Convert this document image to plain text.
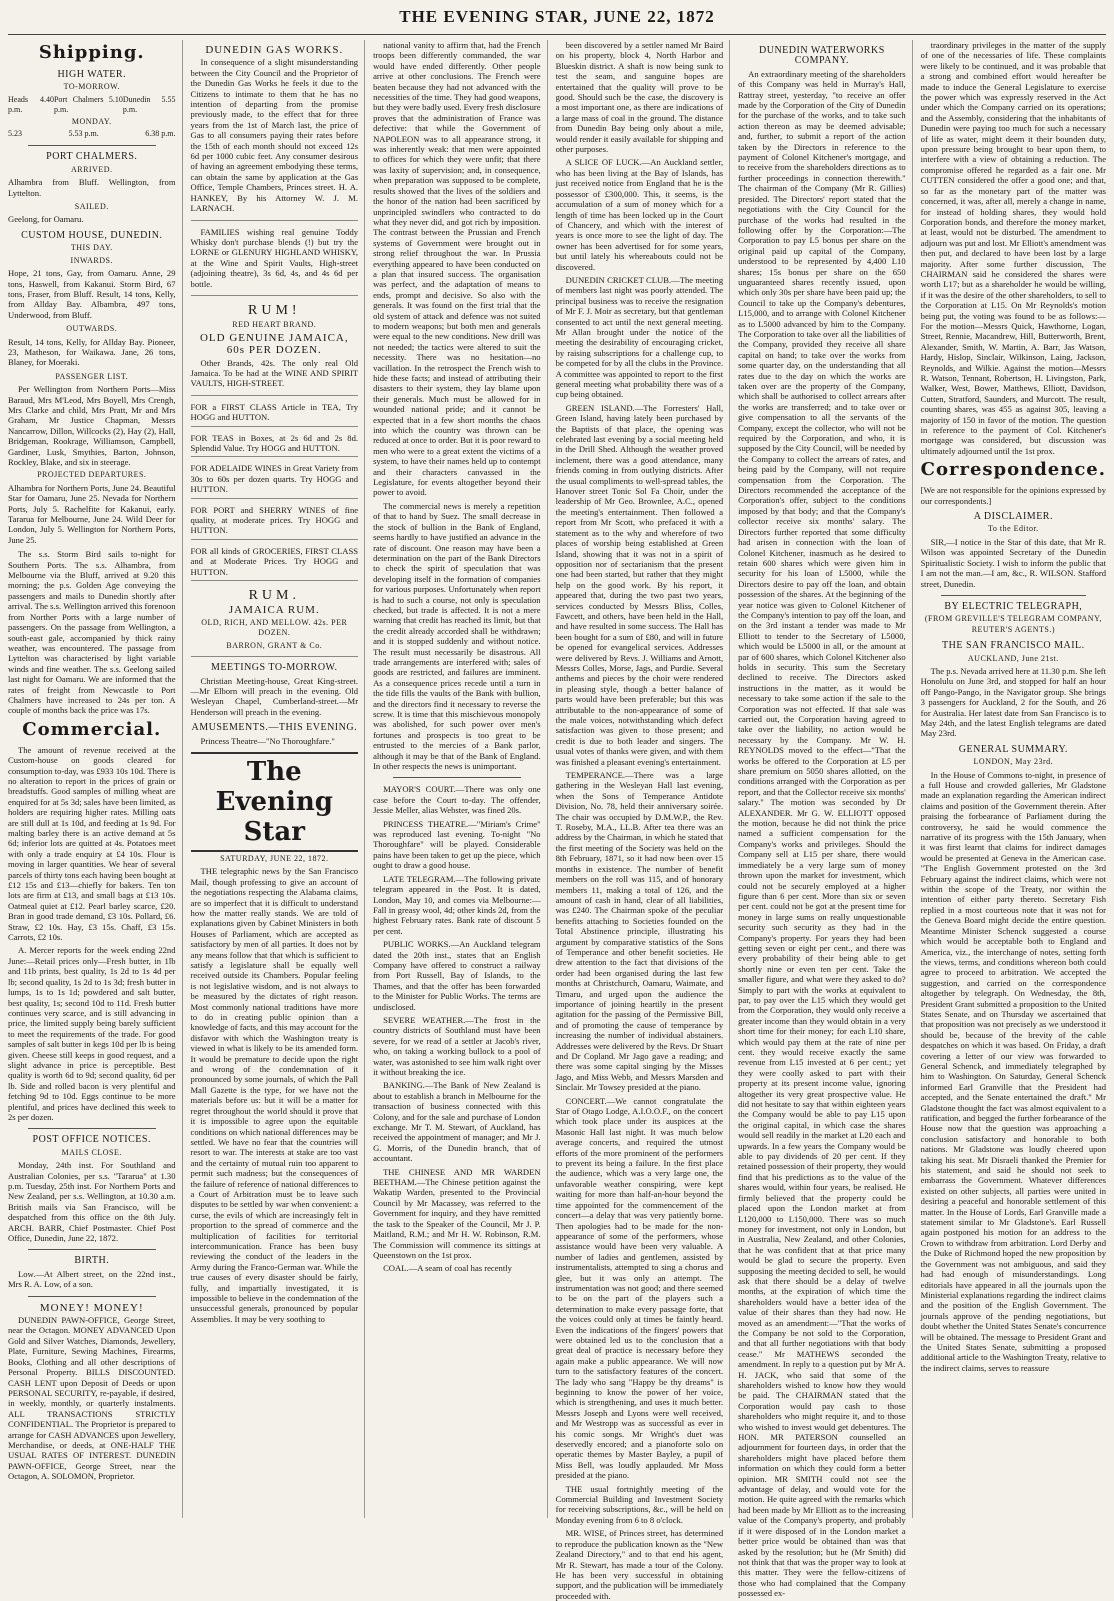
THE EVENING STAR, JUNE 22, 1872
Shipping.
HIGH WATER.
TO-MORROW.
Heads 4.40 p.m.
Port Chalmers 5.10 p.m.
Dunedin 5.55 p.m.
MONDAY.
5.23	5.53 p.m.	6.38 p.m.
PORT CHALMERS.
ARRIVED.
Alhambra from Bluff. Wellington, from Lyttelton.
SAILED.
Geelong, for Oamaru.
CUSTOM HOUSE, DUNEDIN.
THIS DAY.
INWARDS.
Hope, 21 tons, Gay, from Oamaru. Anne, 29 tons, Haswell, from Kakanui. Storm Bird, 67 tons, Fraser, from Bluff. Result, 14 tons, Kelly, from Allday Bay. Albambra, 497 tons, Underwood, from Bluff.
OUTWARDS.
Result, 14 tons, Kelly, for Allday Bay. Pioneer, 23, Matheson, for Waikawa. Jane, 26 tons, Blaney, for Moeraki.
PASSENGER LIST.
Per Wellington from Northern Ports—Miss Baraud, Mrs M'Leod, Mrs Boyell, Mrs Crengh, Mrs Clarke and child, Mrs Pratt, Mr and Mrs Graham, Mr Justice Chapman, Messrs Nancarrow, Dillon, Willcocks (2), Hay (2), Hall, Bridgeman, Rookrage, Williamson, Campbell, Gardiner, Lusk, Smythies, Barton, Johnson, Rockley, Blake, and six in steerage.
PROJECTED DEPARTURES.
Alhambra for Northern Ports, June 24. Beautiful Star for Oamaru, June 25. Nevada for Northern Ports, July 5. Rachelfite for Kakanui, early. Tararua for Melbourne, June 24. Wild Deer for London, July 5. Wellington for Northern Ports, June 25.
The s.s. Storm Bird sails to-night for Southern Ports. The s.s. Alhambra, from Melbourne via the Bluff, arrived at 9.20 this morning; the p.s. Golden Age conveying the passengers and mails to Dunedin shortly after arrival. The s.s. Wellington arrived this forenoon from Norther Ports with a large number of passengers. On the passage from Wellington, a south-east gale, accompanied by thick rainy weather, was encountered. The passage from Lyttelton was characterised by light variable winds and fine weather. The s.s. Geelong sailed last night for Oamaru. We are informed that the rates of freight from Newcastle to Port Chalmers have increased to 24s per ton. A couple of months back the price was 17s.
Commercial.
The amount of revenue received at the Custom-house on goods cleared for consumption to-day, was £933 10s 10d. There is no alteration to report in the prices of grain or breadstuffs. Good samples of milling wheat are enquired for at 5s 3d; sales have been limited, as holders are requiring higher rates. Milling oats are still dull at 1s 10d, and feeding at 1s 9d. For malting barley there is an active demand at 5s 6d; inferior lots are quitted at 4s. Potatoes meet with only a trade enquiry at £4 10s. Flour is moving in larger quantities. We hear of several parcels of thirty tons each having been bought at £12 15s and £13—chiefly for bakers. Ten ton lots are firm at £13, and small bags at £13 10s. Oatmeal quiet at £12. Pearl barley scarce, £20. Bran in good trade demand, £3 10s. Pollard, £6. Straw, £2 10s. Hay, £3 15s. Chaff, £3 15s. Carrots, £2 10s.
A. Mercer reports for the week ending 22nd June:—Retail prices only—Fresh butter, in 1lb and 11b prints, best quality, 1s 2d to 1s 4d per lb; second quality, 1s 2d to 1s 3d; fresh butter in lumps, 1s to 1s 1d; powdered and salt butter, best quality, 1s; second 10d to 11d. Fresh butter continues very scarce, and is still advancing in price, the limited supply being barely sufficient to meet the requirements of the trade. For good samples of salt butter in kegs 10d per lb is being given. Cheese still keeps in good request, and a slight advance in price is perceptible. Best quality is worth 6d to 9d; second quality, 6d per lb. Side and rolled bacon is very plentiful and fetching 9d to 10d. Eggs continue to be more plentiful, and prices have declined this week to 2s per dozen.
POST OFFICE NOTICES.
MAILS CLOSE.
Monday, 24th inst. For Southland and Australian Colonies, per s.s. "Tararua" at 1.30 p.m. Tuesday, 25th inst. For Northern Ports and New Zealand, per s.s. Wellington, at 10.30 a.m. British mails via San Francisco, will be despatched from this office on the 8th July. ARCH. BARR, Chief Postmaster. Chief Post Office, Dunedin, June 22, 1872.
BIRTH.
Low.—At Albert street, on the 22nd inst., Mrs R. A. Low, of a son.
MONEY! MONEY!
DUNEDIN PAWN-OFFICE, George Street, near the Octagon. MONEY ADVANCED Upon Gold and Silver Watches, Diamonds, Jewellery, Plate, Furniture, Sewing Machines, Firearms, Books, Clothing and all other descriptions of Personal Property. BILLS DISCOUNTED. CASH LENT upon Deposit of Deeds or upon PERSONAL SECURITY, re-payable, if desired, in weekly, monthly, or quarterly instalments. ALL TRANSACTIONS STRICTLY CONFIDENTIAL. The Proprietor is prepared to arrange for CASH ADVANCES upon Jewellery, Merchandise, or deeds, at ONE-HALF THE USUAL RATES OF INTEREST. DUNEDIN PAWN-OFFICE, George Street, near the Octagon, A. SOLOMON, Proprietor.
DUNEDIN GAS WORKS.
In consequence of a slight misunderstanding between the City Council and the Proprietor of the Dunedin Gas Works he feels it due to the Citizens to intimate to them that he has no intention of departing from the promise previously made, to the effect that for three years from the 1st of March last, the price of Gas to all consumers paying their rates before the 15th of each month should not exceed 12s 6d per 1000 cubic feet. Any consumer desirous of having an agreement embodying these terms, can obtain the same by application at the Gas Office, Temple Chambers, Princes street. H. A. HANKEY, By his Attorney W. J. M. LARNACH.
FAMILIES wishing real genuine Toddy Whisky don't purchase blends (!) but try the LORNE or GLENURY HIGHLAND WHISKY, at the Wine and Spirit Vaults, High-street (adjoining theatre), 3s 6d, 4s, and 4s 6d per bottle.
RUM!
RED HEART BRAND.
OLD GENUINE JAMAICA,
60s PER DOZEN.
Other Brands, 42s. The only real Old Jamaica. To be had at the WINE AND SPIRIT VAULTS, HIGH-STREET.
FOR a FIRST CLASS Article in TEA, Try HOGG and HUTTON.
FOR TEAS in Boxes, at 2s 6d and 2s 8d. Splendid Value. Try HOGG and HUTTON.
FOR ADELAIDE WINES in Great Variety from 30s to 60s per dozen quarts. Try HOGG and HUTTON.
FOR PORT and SHERRY WINES of fine quality, at moderate prices. Try HOGG and HUTTON.
FOR all kinds of GROCERIES, FIRST CLASS and at Moderate Prices. Try HOGG and HUTTON.
RUM.
JAMAICA RUM.
OLD, RICH, AND MELLOW. 42s. PER DOZEN.
BARRON, GRANT & Co.
MEETINGS TO-MORROW.
Christian Meeting-house, Great King-street.—Mr Elborn will preach in the evening. Old Wesleyan Chapel, Cumberland-street.—Mr Henderson will preach in the evening.
AMUSEMENTS.—THIS EVENING.
Princess Theatre—"No Thoroughfare."
The Evening Star
SATURDAY, JUNE 22, 1872.
THE telegraphic news by the San Francisco Mail, though professing to give an account of the negotiations respecting the Alabama claims, are so imperfect that it is difficult to understand how the matter really stands. We are told of explanations given by Cabinet Ministers in both Houses of Parliament, which are accepted as satisfactory by men of all parties. It does not by any means follow that that which is sufficient to satisfy a legislature shall be equally well received outside its Chambers. Popular feeling is not legislative wisdom, and is not always to be measured by the dictates of right reason. Most commonly national traditions have more to do in creating public opinion than a knowledge of facts, and this may account for the disfavor with which the Washington treaty is viewed in what is likely to be its amended form. It would be premature to decide upon the right and wrong of the condemnation of it pronounced by some journals, of which the Pall Mall Gazette is the type, for we have not the materials before us: but it will be a matter for regret throughout the world should it prove that it is impossible to agree upon the equitable conditions on which national differences may be settled. We have no fear that the countries will resort to war. The interests at stake are too vast and the certainty of mutual ruin too apparent to permit such madness; but the consequences of the failure of reference of national differences to a Court of Arbitration must be to leave such disputes to be settled by war when convenient: a curse, the evils of which are increasingly felt in proportion to the spread of commerce and the multiplication of facilities for territorial intercommunication. France has been busy reviewing the conduct of the leaders in the Army during the Franco-German war. While the true causes of every disaster should be fairly, fully, and impartially investigated, it is impossible to believe in the condemnation of the unsuccessful generals, pronounced by popular Assemblies. It may be very soothing to
national vanity to affirm that, had the French troops been differently commanded, the war would have ended differently. Other people arrive at other conclusions. The French were beaten because they had not advanced with the necessities of the time. They had good weapons, but they were badly used. Every fresh disclosure proves that the administration of France was defective: that while the Government of NAPOLEON was to all appearance strong, it was inherently weak: that men were appointed to offices for which they were unfit; that there was laxity of supervision; and, in consequence, when preparation was supposed to be complete, results showed that the lives of the soldiers and the honor of the nation had been sacrificed by unprincipled swindlers who contracted to do what they never did, and got rich by imposition. The contrast between the Prussian and French systems of Government were brought out in strong relief throughout the war. In Prussia everything appeared to have been conducted on a plan that insured success. The organisation was perfect, and the adaptation of means to ends, prompt and decisive. So also with the generals. It was found on the first trial that the old system of attack and defence was not suited to modern weapons; but both men and generals were equal to the new conditions. New drill was not needed; the tactics were altered to suit the necessity. There was no hesitation—no vacillation. In the retrospect the French wish to hide these facts; and instead of attributing their disasters to their system, they lay blame upon their generals. Much must be allowed for in wounded national pride; and it cannot be expected that in a few short months the chaos into which the country was thrown can be reduced at once to order. But it is poor reward to men who were to a great extent the victims of a system, to have their names held up to contempt and their characters canvassed in the Legislature, for events altogether beyond their power to avoid.
The commercial news is merely a repetition of that to hand by Suez. The small decrease in the stock of bullion in the Bank of England, seems hardly to have justified an advance in the rate of discount. One reason may have been a determination on the part of the Bank Directors to check the spirit of speculation that was developing itself in the formation of companies for various purposes. Unfortunately when report is had to such a course, not only is speculation checked, but trade is affected. It is not a mere warning that credit has reached its limit, but that the credit already accorded shall be withdrawn; and it is stopped suddenly and without notice. The result must necessarily be disastrous. All trade arrangements are interfered with; sales of goods are restricted, and failures are imminent. As a consequence prices recede until a turn in the tide fills the vaults of the Bank with bullion, and the directors find it necessary to reverse the screw. It is time that this mischievous monopoly was abolished, for such power over men's fortunes and prospects is too great to be entrusted to the mercies of a Bank parlor, although it may be that of the Bank of England. In other respects the news is unimportant.
MAYOR'S COURT.—There was only one case before the Court to-day. The offender, Jessie Meller, alias Webster, was fined 20s.
PRINCESS THEATRE.—"Miriam's Crime" was reproduced last evening. To-night "No Thoroughfare" will be played. Considerable pains have been taken to get up the piece, which ought to draw a good house.
LATE TELEGRAM.—The following private telegram appeared in the Post. It is dated, London, May 10, and comes via Melbourne:—Fall in greasy wool, 4d; other kinds 2d, from the highest February rates. Bank rate of discount 5 per cent.
PUBLIC WORKS.—An Auckland telegram dated the 20th inst., states that an English Company have offered to construct a railway from Port Russell, Bay of Islands, to the Thames, and that the offer has been forwarded to the Minister for Public Works. The terms are undisclosed.
SEVERE WEATHER.—The frost in the country districts of Southland must have been severe, for we read of a settler at Jacob's river, who, on taking a working bullock to a pool of water, was astonished to see him walk right over it without breaking the ice.
BANKING.—The Bank of New Zealand is about to establish a branch in Melbourne for the transaction of business connected with this Colony, and for the sale and purchase of London exchange. Mr T. M. Stewart, of Auckland, has received the appointment of manager; and Mr J. G. Morris, of the Dunedin branch, that of accountant.
THE CHINESE AND MR WARDEN BEETHAM.—The Chinese petition against the Wakatip Warden, presented to the Provincial Council by Mr Macassey, was referred to the Government for inquiry, and they have remitted the task to the Speaker of the Council, Mr J. P. Maitland, R.M.; and Mr H. W. Robinson, R.M. The Commission will commence its sittings at Queenstown on the 1st prox.
COAL.—A seam of coal has recently
been discovered by a settler named Mr Baird on his property, block 4, North Harbor and Blueskin district. A shaft is now being sunk to test the seam, and sanguine hopes are entertained that the quality will prove to be good. Should such be the case, the discovery is a most important one, as there are indications of a large mass of coal in the ground. The distance from Dunedin Bay being only about a mile, would render it easily available for shipping and other purposes.
A SLICE OF LUCK.—An Auckland settler, who has been living at the Bay of Islands, has just received notice from England that he is the possessor of £300,000. This, it seems, is the accumulation of a sum of money which for a length of time has been locked up in the Court of Chancery, and which with the interest of years is once more to see the light of day. The owner has been advertised for for some years, but until lately his whereabouts could not be discovered.
DUNEDIN CRICKET CLUB.—The meeting of members last night was poorly attended. The principal business was to receive the resignation of Mr F. J. Moir as secretary, but that gentleman consented to act until the next general meeting. Mr Allan brought under the notice of the meeting the desirability of encouraging cricket, by raising subscriptions for a challenge cup, to be competed for by all the clubs in the Province. A committee was appointed to report to the first general meeting what probability there was of a cup being obtained.
GREEN ISLAND.—The Forresters' Hall, Green Island, having lately been purchased by the Baptists of that place, the opening was celebrated last evening by a social meeting held in the Drill Shed. Although the weather proved inclement, there was a good attendance, many friends coming in from outlying districts. After the usual compliments to well-spread tables, the Hanover street Tonic Sol Fa Choir, under the leadership of Mr Geo. Brownlee, A.C., opened the meeting's entertainment. Then followed a report from Mr Scott, who prefaced it with a statement as to the why and wherefore of two places of worship being established at Green Island, showing that it was not in a spirit of opposition nor of sectarianism that the present one had been started, but rather that they might help on the good work. By his report, it appeared that, during the two past two years, services conducted by Messrs Bliss, Colles, Fawcett, and others, have been held in the Hall, and have resulted in some success. The Hall has been bought for a sum of £80, and will in future be opened for evangelical services. Addresses were delivered by Revs. J. Williams and Arnott, Messrs Colles, Morse, Jags, and Purdie. Several anthems and pieces by the choir were rendered in pleasing style, though a better balance of parts would have been preferable; but this was attributable to the non-appearance of some of the male voices, notwithstanding which defect satisfaction was given to those present; and credit is due to both leader and singers. The usual votes of thanks were given, and with them was finished a pleasant evening's entertainment.
TEMPERANCE.—There was a large gathering in the Wesleyan Hall last evening, when the Sons of Temperance Antidote Division, No. 78, held their anniversary soirée. The chair was occupied by D.M.W.P., the Rev. T. Roseby, M.A., LL.B. After tea there was an address by the Chairman, in which he stated that the first meeting of the Society was held on the 8th February, 1871, so it had now been over 15 months in existence. The number of benefit members on the roll was 115, and of honorary members 11, making a total of 126, and the amount of cash in hand, clear of all liabilities, was £240. The Chairman spoke of the peculiar benefits attaching to Societies founded on the Total Abstinence principle, illustrating his argument by comparative statistics of the Sons of Temperance and other benefit societies. He drew attention to the fact that divisions of the order had been organised during the last few months at Christchurch, Oamaru, Waimate, and Timaru, and urged upon the audience the importance of joining heartily in the present agitation for the passing of the Permissive Bill, and of promoting the cause of temperance by increasing the number of individual abstainers. Addresses were delivered by the Revs. Dr Stuart and Dr Copland. Mr Jago gave a reading; and there was some capital singing by the Misses Jago, and Miss Webb, and Messrs Marsden and Sinclair. Mr Towsey presided at the piano.
CONCERT.—We cannot congratulate the Star of Otago Lodge, A.I.O.O.F., on the concert which took place under its auspices at the Masonic Hall last night. It was much below average concerts, and required the utmost efforts of the more prominent of the performers to prevent its being a failure. In the first place the audience, which was a very large one, the unfavorable weather conspiring, were kept waiting for more than half-an-hour beyond the time appointed for the commencement of the concert—a delay that was very patiently borne. Then apologies had to be made for the non-appearance of some of the performers, whose assistance would have been very valuable. A number of ladies and gentlemen, assisted by instrumentalists, attempted to sing a chorus and glee, but it was only an attempt. The instrumentation was not good; and there seemed to be on the part of the players such a determination to make every passage forte, that the voices could only at times be faintly heard. Even the indications of the fingers' powers that were obtained led us to the conclusion that a great deal of practice is necessary before they again make a public appearance. We will now turn to the satisfactory features of the concert. The lady who sang "Happy be thy dreams" is beginning to know the power of her voice, which is strengthening, and uses it much better. Messrs Joseph and Lyons were well received, and Mr Westropp was as successful as ever in his comic songs. Mr Wright's duet was deservedly encored; and a pianoforte solo on operatic themes by Master Bayley, a pupil of Miss Bell, was loudly applauded. Mr Moss presided at the piano.
THE usual fortnightly meeting of the Commercial Building and Investment Society for receiving subscriptions, &c., will be held on Monday evening from 6 to 8 o'clock.
MR. WISE, of Princes street, has determined to reproduce the publication known as the "New Zealand Directory," and to that end his agent, Mr R. Stewart, has made a tour of the Colony. He has been very successful in obtaining support, and the publication will be immediately proceeded with.
DUNEDIN WATERWORKS COMPANY.
An extraordinary meeting of the shareholders of this Company was held in Murray's Hall, Rattray street, yesterday, "to receive an offer made by the Corporation of the City of Dunedin for the purchase of the works, and to take such action thereon as may be deemed advisable; and, further, to submit a report of the action taken by the Directors in reference to the payment of Colonel Kitchener's mortgage, and to receive from the shareholders directions as to further proceedings in connection therewith." The chairman of the Company (Mr R. Gillies) presided. The Directors' report stated that the negotiations with the City Council for the purchase of the works had resulted in the following offer by the Corporation:—The Corporation to pay L5 bonus per share on the original paid up capital of the Company, understood to be represented by 4,400 L10 shares; 15s bonus per share on the 650 unguaranteed shares recently issued, upon which only 30s per share have been paid up; the Council to take up the Company's debentures, L15,000, and to arrange with Colonel Kitchener as to L5000 advanced by him to the Company. The Corporation to take over all the liabilities of the Company, provided they receive all share capital on hand; to take over the works from some quarter day, on the understanding that all rates due to the day on which the works are taken over are the property of the Company, which shall be authorised to collect arrears after the works are transferred; and to take over or give compensation to all the servants of the Company, except the collector, who will not be required by the Corporation, and who, it is supposed by the City Council, will be needed by the Company to collect the arrears of rates, and being paid by the Company, will not require compensation from the Corporation. The Directors recommended the acceptance of the Corporation's offer, subject to the conditions imposed by that body; and that the Company's collector receive six months' salary. The Directors further reported that some difficulty had arisen in connection with the loan of Colonel Kitchener, inasmuch as he desired to retain 600 shares which were given him in security for his loan of L5000, while the Directors desire to pay off the loan, and obtain possession of the shares. At the beginning of the year notice was given to Colonel Kitchener of the Company's intention to pay off the loan, and on the 3rd instant a tender was made to Mr Elliott to tender to the Secretary of L5000, which would be L5000 in all, or the amount at par of 600 shares, which Colonel Kitchener also holds in security. This sum the Secretary declined to receive. The Directors asked instructions in the matter, as it would be necessary to take some action if the sale to the Corporation was not effected. If that sale was carried out, the Corporation having agreed to take over the liability, no action would be necessary by the Company. Mr W. H. REYNOLDS moved to the effect—"That the works be offered to the Corporation at L5 per share premium on 5050 shares allotted, on the conditions arranged with the Corporation as per report, and that the Collector receive six months' salary." The motion was seconded by Dr ALEXANDER. Mr G. W. ELLIOTT opposed the motion, because he did not think the price named a sufficient compensation for the Company's works and privileges. Should the Company sell at L15 per share, there would immediately be a very large sum of money thrown upon the market for investment, which could not be securely employed at a higher figure than 6 per cent. More than six or seven per cent. could not be got at the present time for money in large sums on really unquestionable security such security as they had in the Company's property. For years they had been getting seven or eight per cent., and there was every probability of their being able to get shortly nine or even ten per cent. Take the smaller figure, and what were they asked to do? Simply to part with the works at equivalent to par, to pay over the L15 which they would get from the Corporation, they would only receive a greater income than they would obtain in a very short time for their money; for each L10 share, which would pay them at the rate of nine per cent. they would receive exactly the same revenue from L15 invested at 6 per cent.; yet they were coolly asked to part with their property at its present income value, ignoring altogether its very great prospective value. He did not hesitate to say that within eighteen years the Company would be able to pay L15 upon the original capital, in which case the shares would sell readily in the market at L20 each and upwards. In a few years the Company would be able to pay dividends of 20 per cent. If they retained possession of their property, they would find that his predictions as to the value of the shares would, within four years, be realised. He firmly believed that the property could be placed upon the London market at from L120,000 to L150,000. There was so much money for investment, not only in London, but in Australia, New Zealand, and other Colonies, that he was confident that at that price many would be glad to secure the property. Even supposing the meeting decided to sell, he would ask that there should be a delay of twelve months, at the expiration of which time the shareholders would have a better idea of the value of their shares than they had now. He moved as an amendment:—"That the works of the Company be not sold to the Corporation, and that all further negotiations with that body cease." Mr MATHEWS seconded the amendment. In reply to a question put by Mr A. H. JACK, who said that some of the shareholders wished to know how they would be paid. The CHAIRMAN stated that the Corporation would pay cash to those shareholders who might require it, and to those who wished to invest would get debentures. The HON. MR PATERSON counselled an adjournment for fourteen days, in order that the shareholders might have placed before them information on which they could form a better opinion. MR SMITH could not see the advantage of delay, and would vote for the motion. He quite agreed with the remarks which had been made by Mr Elliott as to the increasing value of the Company's property, and probably if it were disposed of in the London market a better price would be obtained than was that asked by the resolution; but he (Mr Smith) did not think that that was the proper way to look at this matter. They were the fellow-citizens of those who had complained that the Company possessed ex-
traordinary privileges in the matter of the supply of one of the necessaries of life. These complaints were likely to be continued, and it was probable that a strong and combined effort would hereafter be made to induce the General Legislature to exercise the power which was expressly reserved in the Act under which the Company carried on its operations; and the Assembly, considering that the inhabitants of Dunedin were paying too much for such a necessary of life as water, might deem it their bounden duty, upon pressure being brought to bear upon them, to interfere with a view of obtaining a reduction. The compromise offered he regarded as a fair one. Mr CUTTEN considered the offer a good one; and that, so far as the monetary part of the matter was concerned, it was, after all, merely a change in name, for instead of holding shares, they would hold Corporation bonds, and therefore the money market, at least, would not be disturbed. The amendment to adjourn was put and lost. Mr Elliott's amendment was then put, and declared to have been lost by a large majority. After some further discussion, The CHAIRMAN said he considered the shares were worth L17; but as a shareholder he would be willing, if it was the desire of the other shareholders, to sell to the Corporation at L15. On Mr Reynolds's motion being put, the voting was found to be as follows:— For the motion—Messrs Quick, Hawthorne, Logan, Street, Rennie, Macandrew, Hill, Butterworth, Brent, Alexander, Smith, W. Martin, A. Barr, Jas Watson, Hardy, Hislop, Sinclair, Wilkinson, Laing, Jackson, Reynolds, and Wilkie. Against the motion—Messrs R. Watson, Tennant, Robertson, H. Livingston, Park, Walker, West, Bower, Matthews, Elliott, Davidson, Cutten, Stratford, Saunders, and Murcott. The result, counting shares, was 455 as against 305, leaving a majority of 150 in favor of the motion. The question in reference to the payment of Col. Kitchener's mortgage was considered, but discussion was ultimately adjourned until the 1st prox.
Correspondence.
[We are not responsible for the opinions expressed by our correspondents.]
A DISCLAIMER.
To the Editor.
SIR,—I notice in the Star of this date, that Mr R. Wilson was appointed Secretary of the Dunedin Spiritualistic Society. I wish to inform the public that I am not the man.—I am, &c., R. WILSON. Stafford street, Dunedin.
BY ELECTRIC TELEGRAPH,
(FROM GREVILLE'S TELEGRAM COMPANY, REUTER'S AGENTS.)
THE SAN FRANCISCO MAIL.
AUCKLAND, June 21st.
The p.s. Nevada arrived here at 11.30 p.m. She left Honolulu on June 3rd, and stopped for half an hour off Pango-Pango, in the Navigator group. She brings 3 passengers for Auckland, 2 for the South, and 26 for Australia. Her latest date from San Francisco is to May 24th, and the latest English telegrams are dated May 23rd.
GENERAL SUMMARY.
LONDON, May 23rd.
In the House of Commons to-night, in presence of a full House and crowded galleries, Mr Gladstone made an explanation regarding the American indirect claims and position of the Government therein. After praising the forbearance of Parliament during the controversy, he said he would commence the narrative of its progress with the 15th January, when it was first learnt that claims for indirect damages would be presented at Geneva in the American case. "The English Government protested on the 3rd February against the indirect claims, which were not within the scope of the Treaty, nor within the intention of either party thereto. Secretary Fish replied in a most courteous note that it was not for the Geneva Board might decide the entire question. Meantime Minister Schenck suggested a course which would be acceptable both to England and America, viz., the interchange of notes, setting forth the views, terms, and conditions whereon both could agree to proceed to arbitration. We accepted the suggestion, and carried on the correspondence altogether by telegraph. On Wednesday, the 8th, President Grant submitted a proposition to the United States Senate, and on Thursday we ascertained that that proposition was not precisely as we understood it should be, because of the brevity of the cable despatches on which it was based. On Friday, a draft covering a letter of our view was forwarded to General Schenck, and immediately telegraphed by him to Washington. On Saturday, General Schenck informed Earl Granville that the President had accepted, and the Senate entertained the draft." Mr Gladstone thought the fact was almost equivalent to a ratification, and begged the further forbearance of the House now that the question was approaching a conclusion satisfactory and honorable to both nations. Mr Gladstone was loudly cheered upon taking his seat. Mr Disraeli thanked the Premier for his statement, and said he should not seek to embarrass the Government. Whatever differences existed on other subjects, all parties were united in desiring a peaceful and honorable settlement of this matter. In the House of Lords, Earl Granville made a statement similar to Mr Gladstone's. Earl Russell again postponed his motion for an address to the Crown to withdraw from arbitration. Lord Derby and the Duke of Richmond hoped the new proposition by the Government was not ambiguous, and said they had had enough of misunderstandings. Long editorials have appeared in all the journals upon the Ministerial explanations regarding the indirect claims and the position of the English Government. The journals approve of the pending negotiations, but doubt whether the United States Senate's concurrence will be obtained. The message to President Grant and the United States Senate, submitting a proposed additional article to the Washington Treaty, relative to the indirect claims, serves to reassure
